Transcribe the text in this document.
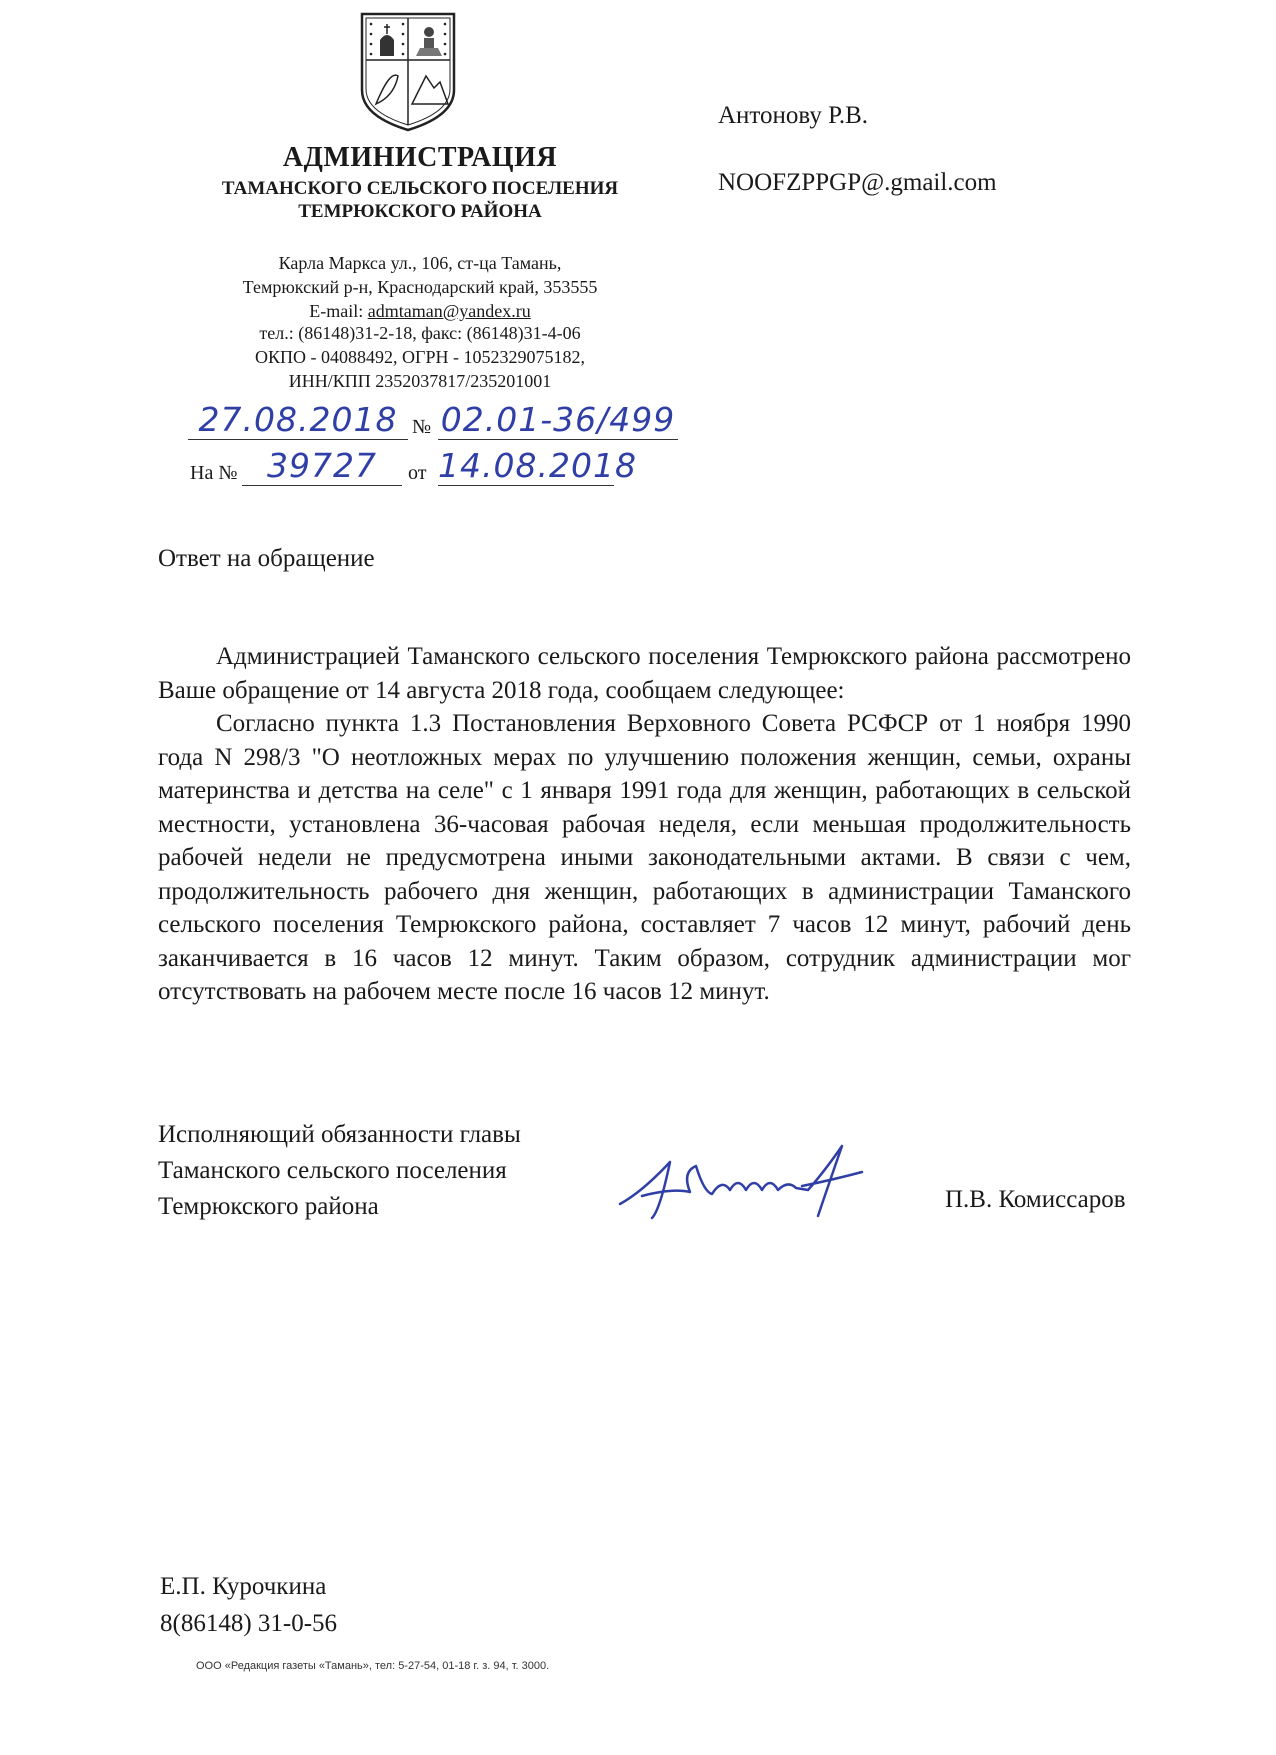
АДМИНИСТРАЦИЯ
ТАМАНСКОГО СЕЛЬСКОГО ПОСЕЛЕНИЯ
ТЕМРЮКСКОГО РАЙОНА
Карла Маркса ул., 106, ст-ца Тамань,
Темрюкский р-н, Краснодарский край, 353555
E-mail: admtaman@yandex.ru
тел.: (86148)31-2-18, факс: (86148)31-4-06
ОКПО - 04088492, ОГРН - 1052329075182,
ИНН/КПП 2352037817/235201001
27.08.2018 № 02.01-36/499
На № 39727	от 14.08.2018
Антонову Р.В.
NOOFZPPGP@.gmail.com
Ответ на обращение

Администрацией Таманского сельского поселения Темрюкского района рассмотрено Ваше обращение от 14 августа 2018 года, сообщаем следующее:

Согласно пункта 1.3 Постановления Верховного Совета РСФСР от 1 ноября 1990 года N 298/3 "О неотложных мерах по улучшению положения женщин, семьи, охраны материнства и детства на селе" с 1 января 1991 года для женщин, работающих в сельской местности, установлена 36-часовая рабочая неделя, если меньшая продолжительность рабочей недели не предусмотрена иными законодательными актами. В связи с чем, продолжительность рабочего дня женщин, работающих в администрации Таманского сельского поселения Темрюкского района, составляет 7 часов 12 минут, рабочий день заканчивается в 16 часов 12 минут. Таким образом, сотрудник администрации мог отсутствовать на рабочем месте после 16 часов 12 минут.

Исполняющий обязанности главы
Таманского сельского поселения
Темрюкского района	П.В. Комиссаров
Е.П. Курочкина
8(86148) 31-0-56
ООО «Редакция газеты «Тамань», тел: 5-27-54, 01-18 г. з. 94, т. 3000.
